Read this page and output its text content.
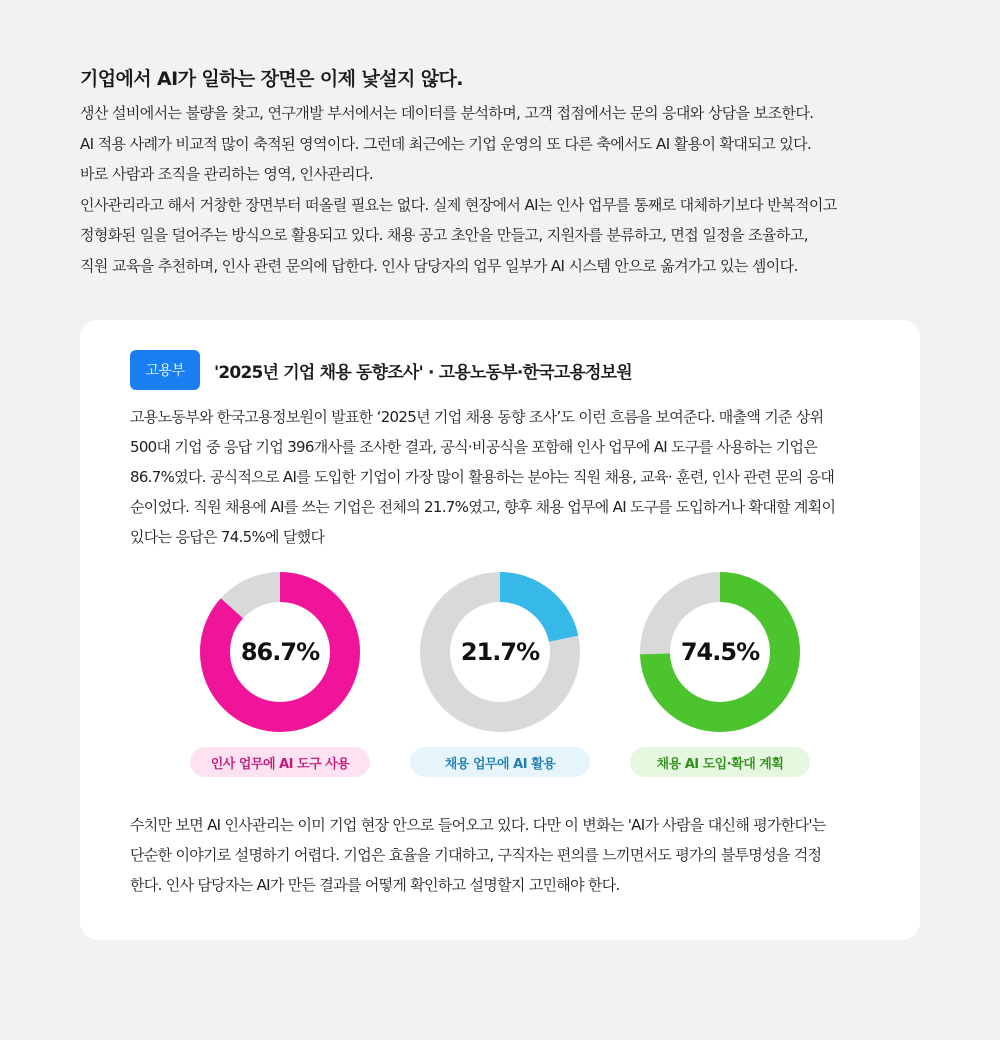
기업에서 AI가 일하는 장면은 이제 낯설지 않다.

생산 설비에서는 불량을 찾고, 연구개발 부서에서는 데이터를 분석하며, 고객 접점에서는 문의 응대와 상담을 보조한다.

AI 적용 사례가 비교적 많이 축적된 영역이다. 그런데 최근에는 기업 운영의 또 다른 축에서도 AI 활용이 확대되고 있다.

바로 사람과 조직을 관리하는 영역, 인사관리다.

인사관리라고 해서 거창한 장면부터 떠올릴 필요는 없다. 실제 현장에서 AI는 인사 업무를 통째로 대체하기보다 반복적이고

정형화된 일을 덜어주는 방식으로 활용되고 있다. 채용 공고 초안을 만들고, 지원자를 분류하고, 면접 일정을 조율하고,

직원 교육을 추천하며, 인사 관련 문의에 답한다. 인사 담당자의 업무 일부가 AI 시스템 안으로 옮겨가고 있는 셈이다.

고용부	'2025년 기업 채용 동향조사' · 고용노동부·한국고용정보원

고용노동부와 한국고용정보원이 발표한 ‘2025년 기업 채용 동향 조사’도 이런 흐름을 보여준다. 매출액 기준 상위

500대 기업 중 응답 기업 396개사를 조사한 결과, 공식·비공식을 포함해 인사 업무에 AI 도구를 사용하는 기업은

86.7%였다. 공식적으로 AI를 도입한 기업이 가장 많이 활용하는 분야는 직원 채용, 교육· 훈련, 인사 관련 문의 응대

순이었다. 직원 채용에 AI를 쓰는 기업은 전체의 21.7%였고, 향후 채용 업무에 AI 도구를 도입하거나 확대할 계획이

있다는 응답은 74.5%에 달했다

86.7%
인사 업무에 AI 도구 사용
21.7%
채용 업무에 AI 활용
74.5%
채용 AI 도입·확대 계획

수치만 보면 AI 인사관리는 이미 기업 현장 안으로 들어오고 있다. 다만 이 변화는 'AI가 사람을 대신해 평가한다'는

단순한 이야기로 설명하기 어렵다. 기업은 효율을 기대하고, 구직자는 편의를 느끼면서도 평가의 불투명성을 걱정

한다. 인사 담당자는 AI가 만든 결과를 어떻게 확인하고 설명할지 고민해야 한다.
